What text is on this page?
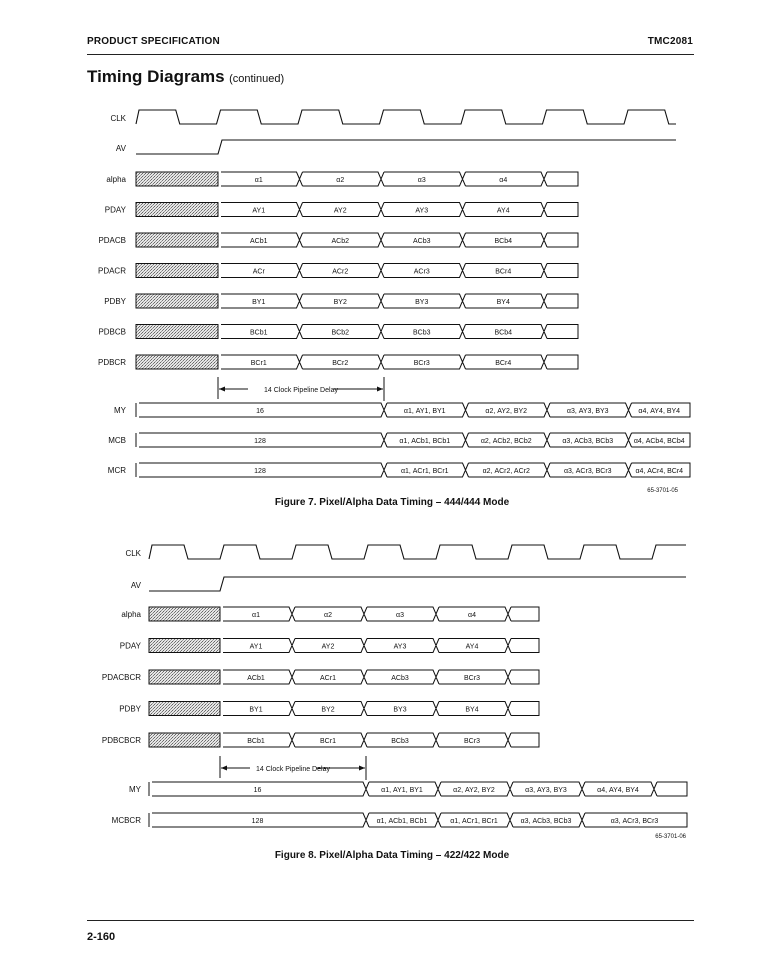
PRODUCT SPECIFICATION	TMC2081
Timing Diagrams (continued)
CLK
AV
alpha	α1	α2	α3	α4
PDAY	AY1	AY2	AY3	AY4
PDACB	ACb1	ACb2	ACb3	BCb4
PDACR	ACr	ACr2	ACr3	BCr4
PDBY	BY1	BY2	BY3	BY4
PDBCB	BCb1	BCb2	BCb3	BCb4
PDBCR	BCr1	BCr2	BCr3	BCr4
14 Clock Pipeline Delay
MY	16	α1, AY1, BY1	α2, AY2, BY2	α3, AY3, BY3	α4, AY4, BY4
MCB	128	α1, ACb1, BCb1	α2, ACb2, BCb2	α3, ACb3, BCb3	α4, ACb4, BCb4
MCR	128	α1, ACr1, BCr1	α2, ACr2, ACr2	α3, ACr3, BCr3	α4, ACr4, BCr4
65-3701-05
CLK
AV
alpha	α1	α2	α3	α4
PDAY	AY1	AY2	AY3	AY4
PDACBCR	ACb1	ACr1	ACb3	BCr3
PDBY	BY1	BY2	BY3	BY4
PDBCBCR	BCb1	BCr1	BCb3	BCr3
14 Clock Pipeline Delay
MY	16	α1, AY1, BY1	α2, AY2, BY2	α3, AY3, BY3	α4, AY4, BY4
MCBCR	128	α1, ACb1, BCb1	α1, ACr1, BCr1	α3, ACb3, BCb3	α3, ACr3, BCr3
65-3701-06
Figure 7. Pixel/Alpha Data Timing – 444/444 Mode
Figure 8. Pixel/Alpha Data Timing – 422/422 Mode
2-160
